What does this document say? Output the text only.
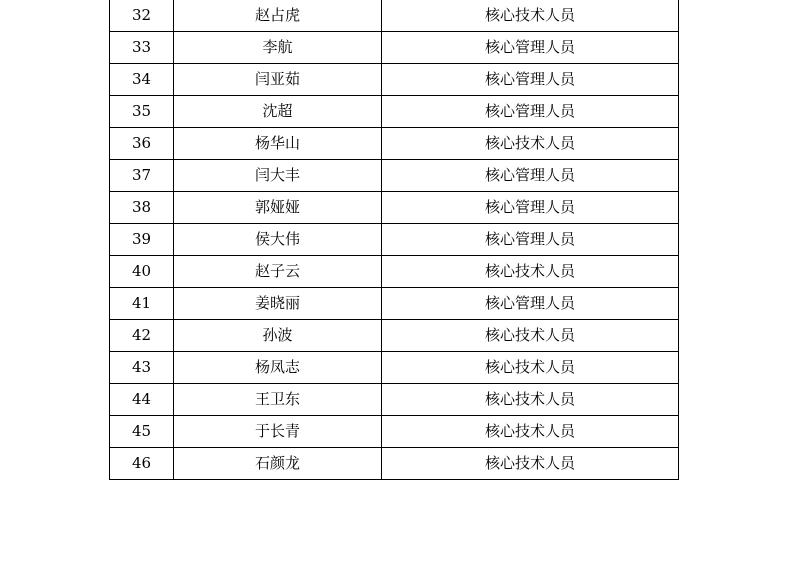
32	赵占虎	核心技术人员
33	李航	核心管理人员
34	闫亚茹	核心管理人员
35	沈超	核心管理人员
36	杨华山	核心技术人员
37	闫大丰	核心管理人员
38	郭娅娅	核心管理人员
39	侯大伟	核心管理人员
40	赵子云	核心技术人员
41	姜晓丽	核心管理人员
42	孙波	核心技术人员
43	杨凤志	核心技术人员
44	王卫东	核心技术人员
45	于长青	核心技术人员
46	石颜龙	核心技术人员
